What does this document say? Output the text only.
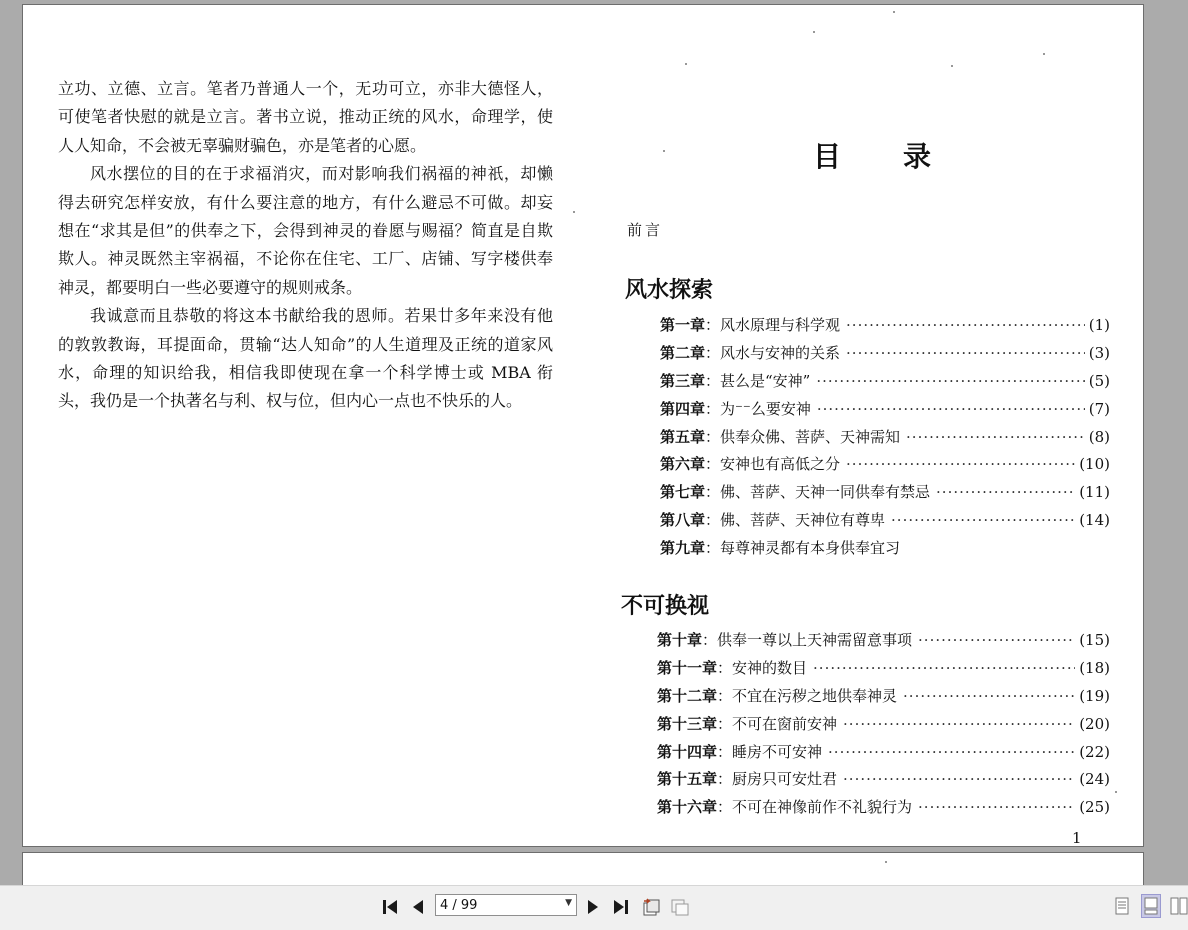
立功、立德、立言。笔者乃普通人一个，无功可立，亦非大德怪人，可使笔者快慰的就是立言。著书立说，推动正统的风水，命理学，使人人知命，不会被无辜骗财骗色，亦是笔者的心愿。

风水摆位的目的在于求福消灾，而对影响我们祸福的神祇，却懒得去研究怎样安放，有什么要注意的地方，有什么避忌不可做。却妄想在“求其是但”的供奉之下，会得到神灵的眷愿与赐福？简直是自欺欺人。神灵既然主宰祸福，不论你在住宅、工厂、店铺、写字楼供奉神灵，都要明白一些必要遵守的规则戒条。

我诚意而且恭敬的将这本书献给我的恩师。若果廿多年来没有他的敦敦教诲，耳提面命，贯输“达人知命”的人生道理及正统的道家风水，命理的知识给我，相信我即使现在拿一个科学博士或 MBA 衔头，我仍是一个执著名与利、权与位，但内心一点也不快乐的人。

目录
前言
风水探索
第一章 ：风水原理与科学观 ·····	(1)
第二章 ：风水与安神的关系 ·····	(3)
第三章 ：甚么是“安神” ·····	(5)
第四章 ：为⁻⁻么要安神 ·····	(7)
第五章 ：供奉众佛、菩萨、天神需知 ·····	(8)
第六章 ：安神也有高低之分 ·····	(10)
第七章 ：佛、菩萨、天神一同供奉有禁忌 ·····	(11)
第八章 ：佛、菩萨、天神位有尊卑 ·····	(14)
第九章 ：每尊神灵都有本身供奉宜习
不可换视
第十章 ：供奉一尊以上天神需留意事项 ·····	(15)
第十一章 ：安神的数目 ·····	(18)
第十二章 ：不宜在污秽之地供奉神灵 ·····	(19)
第十三章 ：不可在窗前安神 ·····	(20)
第十四章 ：睡房不可安神 ·····	(22)
第十五章 ：厨房只可安灶君 ·····	(24)
第十六章 ：不可在神像前作不礼貌行为 ·····	(25)
1
4 / 99	▼
